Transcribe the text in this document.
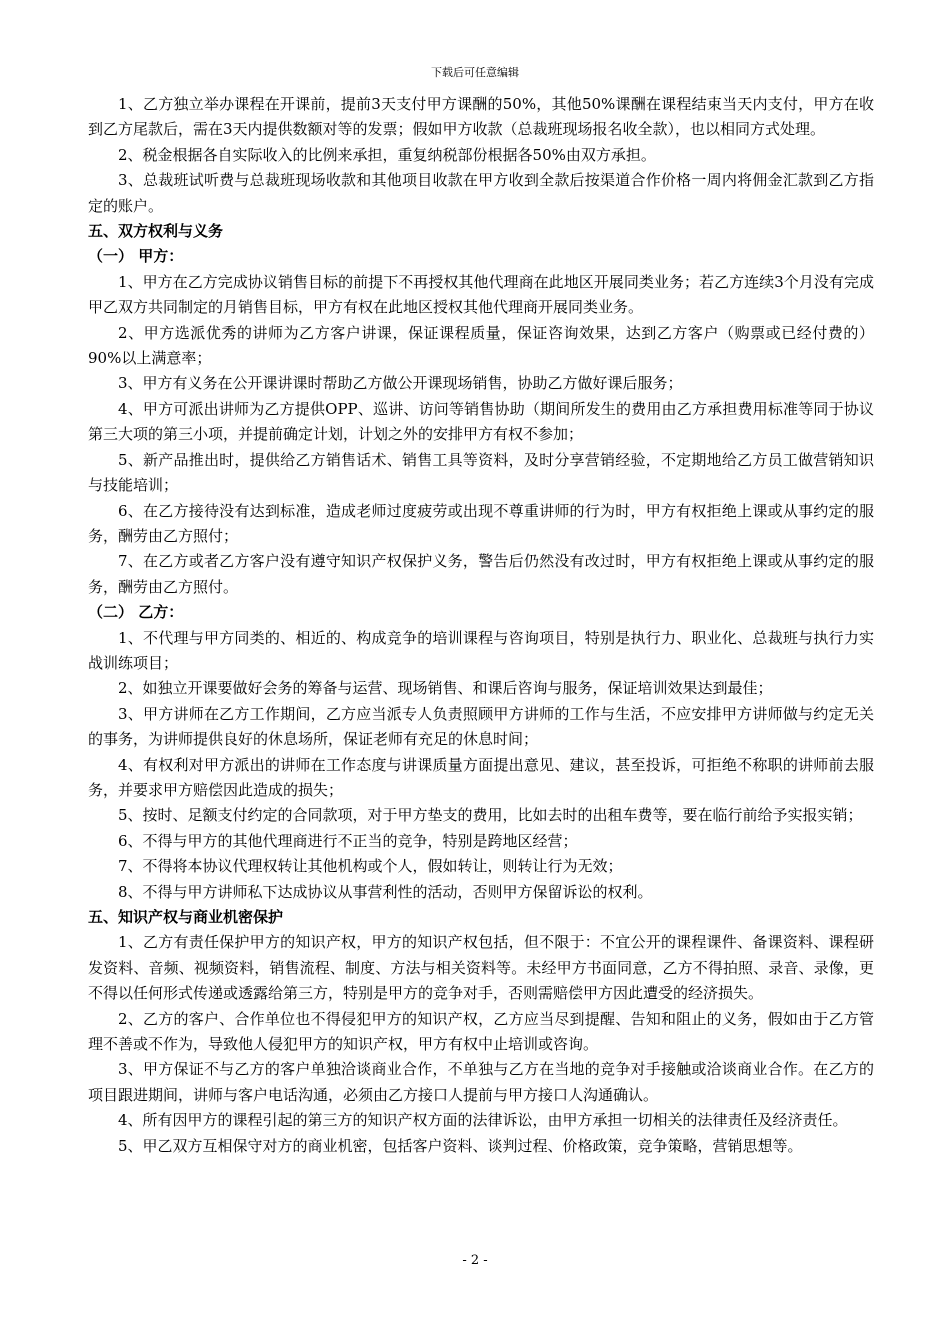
下载后可任意编辑

1、乙方独立举办课程在开课前，提前3天支付甲方课酬的50%，其他50%课酬在课程结束当天内支付，甲方在收到乙方尾款后，需在3天内提供数额对等的发票；假如甲方收款（总裁班现场报名收全款），也以相同方式处理。

2、税金根据各自实际收入的比例来承担，重复纳税部份根据各50%由双方承担。

3、总裁班试听费与总裁班现场收款和其他项目收款在甲方收到全款后按渠道合作价格一周内将佣金汇款到乙方指定的账户。

五、双方权利与义务

（一） 甲方：

1、甲方在乙方完成协议销售目标的前提下不再授权其他代理商在此地区开展同类业务；若乙方连续3个月没有完成甲乙双方共同制定的月销售目标，甲方有权在此地区授权其他代理商开展同类业务。

2、甲方选派优秀的讲师为乙方客户讲课，保证课程质量，保证咨询效果，达到乙方客户（购票或已经付费的）90%以上满意率；

3、甲方有义务在公开课讲课时帮助乙方做公开课现场销售，协助乙方做好课后服务；

4、甲方可派出讲师为乙方提供OPP、巡讲、访问等销售协助（期间所发生的费用由乙方承担费用标准等同于协议第三大项的第三小项，并提前确定计划，计划之外的安排甲方有权不参加；

5、新产品推出时，提供给乙方销售话术、销售工具等资料，及时分享营销经验，不定期地给乙方员工做营销知识与技能培训；

6、在乙方接待没有达到标准，造成老师过度疲劳或出现不尊重讲师的行为时，甲方有权拒绝上课或从事约定的服务，酬劳由乙方照付；

7、在乙方或者乙方客户没有遵守知识产权保护义务，警告后仍然没有改过时，甲方有权拒绝上课或从事约定的服务，酬劳由乙方照付。

（二） 乙方：

1、不代理与甲方同类的、相近的、构成竞争的培训课程与咨询项目，特别是执行力、职业化、总裁班与执行力实战训练项目；

2、如独立开课要做好会务的筹备与运营、现场销售、和课后咨询与服务，保证培训效果达到最佳；

3、甲方讲师在乙方工作期间，乙方应当派专人负责照顾甲方讲师的工作与生活，不应安排甲方讲师做与约定无关的事务，为讲师提供良好的休息场所，保证老师有充足的休息时间；

4、有权利对甲方派出的讲师在工作态度与讲课质量方面提出意见、建议，甚至投诉，可拒绝不称职的讲师前去服务，并要求甲方赔偿因此造成的损失；

5、按时、足额支付约定的合同款项，对于甲方垫支的费用，比如去时的出租车费等，要在临行前给予实报实销；

6、不得与甲方的其他代理商进行不正当的竞争，特别是跨地区经营；

7、不得将本协议代理权转让其他机构或个人，假如转让，则转让行为无效；

8、不得与甲方讲师私下达成协议从事营利性的活动，否则甲方保留诉讼的权利。

五、知识产权与商业机密保护

1、乙方有责任保护甲方的知识产权，甲方的知识产权包括，但不限于：不宜公开的课程课件、备课资料、课程研发资料、音频、视频资料，销售流程、制度、方法与相关资料等。未经甲方书面同意，乙方不得拍照、录音、录像，更不得以任何形式传递或透露给第三方，特别是甲方的竞争对手，否则需赔偿甲方因此遭受的经济损失。

2、乙方的客户、合作单位也不得侵犯甲方的知识产权，乙方应当尽到提醒、告知和阻止的义务，假如由于乙方管理不善或不作为，导致他人侵犯甲方的知识产权，甲方有权中止培训或咨询。

3、甲方保证不与乙方的客户单独洽谈商业合作，不单独与乙方在当地的竞争对手接触或洽谈商业合作。在乙方的项目跟进期间，讲师与客户电话沟通，必须由乙方接口人提前与甲方接口人沟通确认。

4、所有因甲方的课程引起的第三方的知识产权方面的法律诉讼，由甲方承担一切相关的法律责任及经济责任。

5、甲乙双方互相保守对方的商业机密，包括客户资料、谈判过程、价格政策，竞争策略，营销思想等。

- 2 -
